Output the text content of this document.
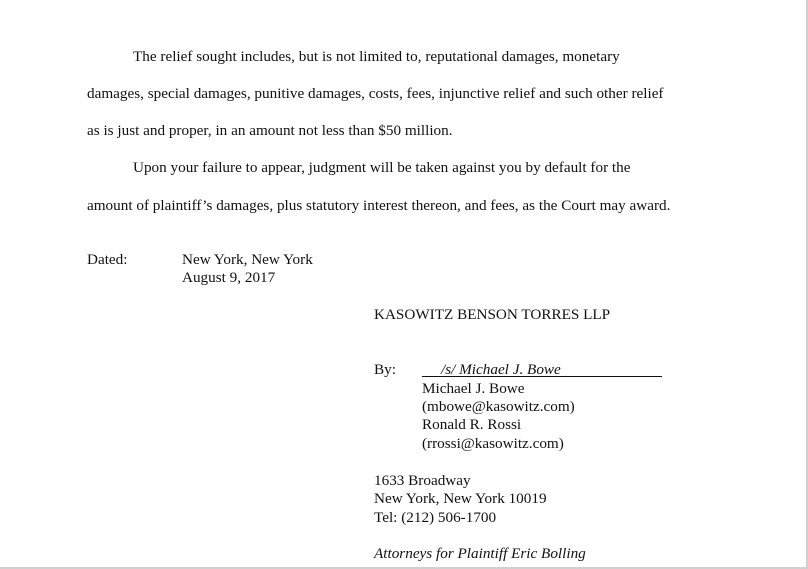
The relief sought includes, but is not limited to, reputational damages, monetary
damages, special damages, punitive damages, costs, fees, injunctive relief and such other relief
as is just and proper, in an amount not less than $50 million.
Upon your failure to appear, judgment will be taken against you by default for the
amount of plaintiff’s damages, plus statutory interest thereon, and fees, as the Court may award.
Dated:	New York, New York
August 9, 2017
KASOWITZ BENSON TORRES LLP
By:	/s/ Michael J. Bowe
Michael J. Bowe
(mbowe@kasowitz.com)
Ronald R. Rossi
(rrossi@kasowitz.com)
1633 Broadway
New York, New York 10019
Tel: (212) 506-1700
Attorneys for Plaintiff Eric Bolling
